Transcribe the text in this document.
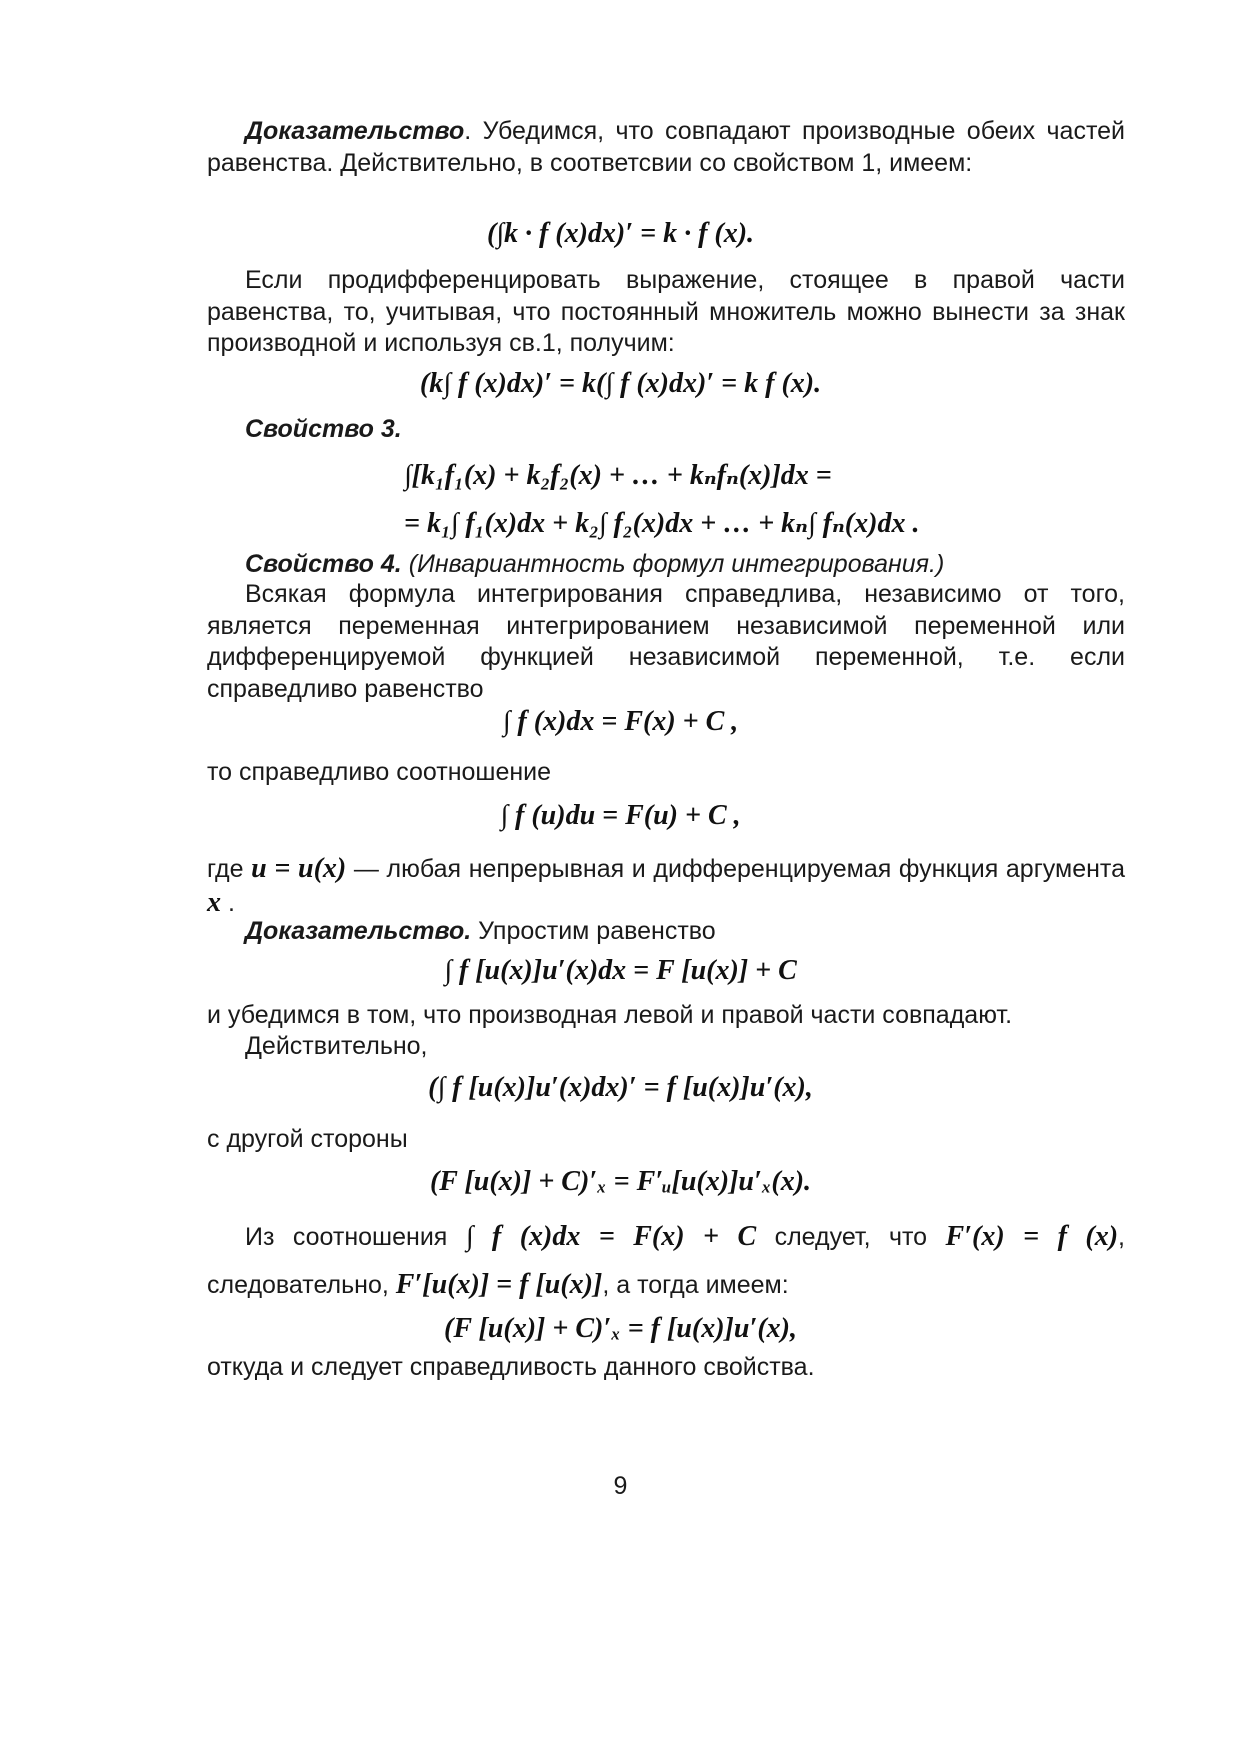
Доказательство. Убедимся, что совпадают производные обеих частей равенства. Действительно, в соответсвии со свойством 1, имеем:

(∫k · f (x)dx)′ = k · f (x).

Если продифференцировать выражение, стоящее в правой части равенства, то, учитывая, что постоянный множитель можно вынести за знак производной и используя св.1, получим:

(k∫ f (x)dx)′ = k(∫ f (x)dx)′ = k f (x).

Свойство 3.

∫[k₁f₁(x) + k₂f₂(x) + … + kₙfₙ(x)]dx =
= k₁∫ f₁(x)dx + k₂∫ f₂(x)dx + … + kₙ∫ fₙ(x)dx .

Свойство 4. (Инвариантность формул интегрирования.)

Всякая формула интегрирования справедлива, независимо от того, является переменная интегрированием независимой переменной или дифференцируемой функцией независимой переменной, т.е. если справедливо равенство

∫ f (x)dx = F(x) + C ,

то справедливо соотношение

∫ f (u)du = F(u) + C ,

где u = u(x) — любая непрерывная и дифференцируемая функция аргумента x .

Доказательство. Упростим равенство

∫ f [u(x)]u′(x)dx = F [u(x)] + C

и убедимся в том, что производная левой и правой части совпадают.

Действительно,

(∫ f [u(x)]u′(x)dx)′ = f [u(x)]u′(x),

с другой стороны

(F [u(x)] + C)′ₓ = F′ᵤ[u(x)]u′ₓ(x).

Из соотношения ∫ f (x)dx = F(x) + C следует, что F′(x) = f (x), следовательно, F′[u(x)] = f [u(x)], а тогда имеем:

(F [u(x)] + C)′ₓ = f [u(x)]u′(x),

откуда и следует справедливость данного свойства.

9
